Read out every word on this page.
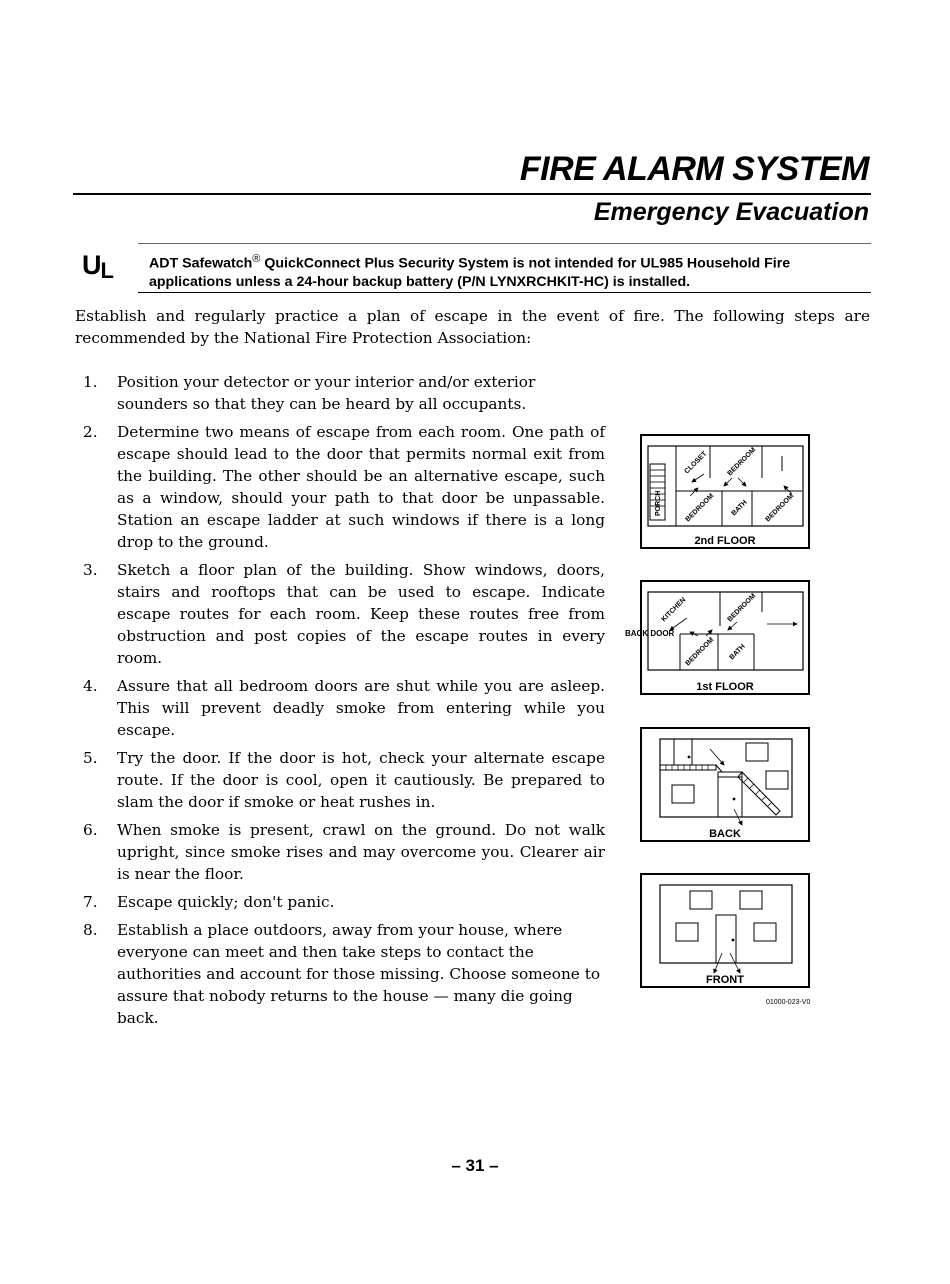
FIRE ALARM SYSTEM
Emergency Evacuation
UL	ADT Safewatch® QuickConnect Plus Security System is not intended for UL985 Household Fire applications unless a 24-hour backup battery (P/N LYNXRCHKIT-HC) is installed.
Establish and regularly practice a plan of escape in the event of fire. The following steps are recommended by the National Fire Protection Association:
1.	Position your detector or your interior and/or exterior sounders so that they can be heard by all occupants.
2.	Determine two means of escape from each room. One path of escape should lead to the door that permits normal exit from the building. The other should be an alternative escape, such as a window, should your path to that door be unpassable. Station an escape ladder at such windows if there is a long drop to the ground.
3.	Sketch a floor plan of the building. Show windows, doors, stairs and rooftops that can be used to escape. Indicate escape routes for each room. Keep these routes free from obstruction and post copies of the escape routes in every room.
4.	Assure that all bedroom doors are shut while you are asleep. This will prevent deadly smoke from entering while you escape.
5.	Try the door. If the door is hot, check your alternate escape route. If the door is cool, open it cautiously. Be prepared to slam the door if smoke or heat rushes in.
6.	When smoke is present, crawl on the ground. Do not walk upright, since smoke rises and may overcome you. Clearer air is near the floor.
7.	Escape quickly; don't panic.
8.	Establish a place outdoors, away from your house, where everyone can meet and then take steps to contact the authorities and account for those missing. Choose someone to assure that nobody returns to the house — many die going back.
PORCH
CLOSET	BEDROOM
BEDROOM BATH BEDROOM
2nd FLOOR
KITCHEN	BEDROOM
BEDROOM BATH
1st FLOOR
BACK DOOR
BACK
FRONT
01000-023-V0
– 31 –
